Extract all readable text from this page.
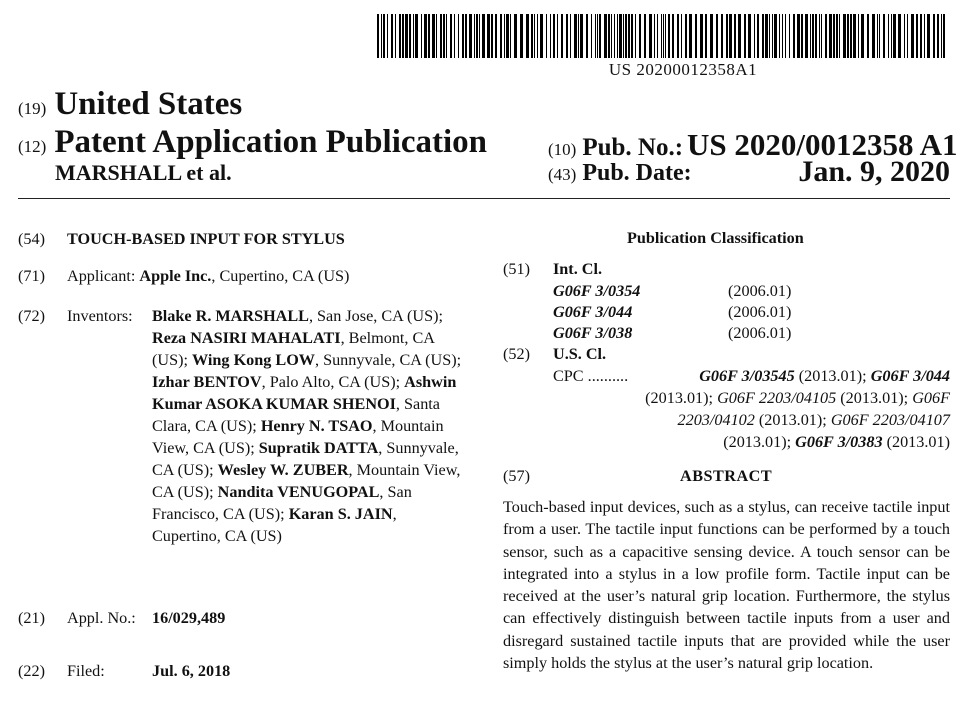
US 20200012358A1
(19) United States
(12) Patent Application Publication
MARSHALL et al.
(10) Pub. No.: US 2020/0012358 A1
(43) Pub. Date:	Jan. 9, 2020
(54) TOUCH-BASED INPUT FOR STYLUS
(71) Applicant: Apple Inc., Cupertino, CA (US)
(72) Inventors: Blake R. MARSHALL, San Jose, CA (US); Reza NASIRI MAHALATI, Belmont, CA (US); Wing Kong LOW, Sunnyvale, CA (US); Izhar BENTOV, Palo Alto, CA (US); Ashwin Kumar ASOKA KUMAR SHENOI, Santa Clara, CA (US); Henry N. TSAO, Mountain View, CA (US); Supratik DATTA, Sunnyvale, CA (US); Wesley W. ZUBER, Mountain View, CA (US); Nandita VENUGOPAL, San Francisco, CA (US); Karan S. JAIN, Cupertino, CA (US)
(21) Appl. No.: 16/029,489
(22) Filed:	Jul. 6, 2018
Publication Classification
(51) Int. Cl.
G06F 3/0354	(2006.01)
G06F 3/044	(2006.01)
G06F 3/038	(2006.01)
(52) U.S. Cl.
CPC ..........	G06F 3/03545 (2013.01); G06F 3/044
(2013.01); G06F 2203/04105 (2013.01); G06F
2203/04102 (2013.01); G06F 2203/04107
(2013.01); G06F 3/0383 (2013.01)
(57)	ABSTRACT
Touch-based input devices, such as a stylus, can receive tactile input from a user. The tactile input functions can be performed by a touch sensor, such as a capacitive sensing device. A touch sensor can be integrated into a stylus in a low profile form. Tactile input can be received at the user’s natural grip location. Furthermore, the stylus can effectively distinguish between tactile inputs from a user and disregard sustained tactile inputs that are provided while the user simply holds the stylus at the user’s natural grip location.
